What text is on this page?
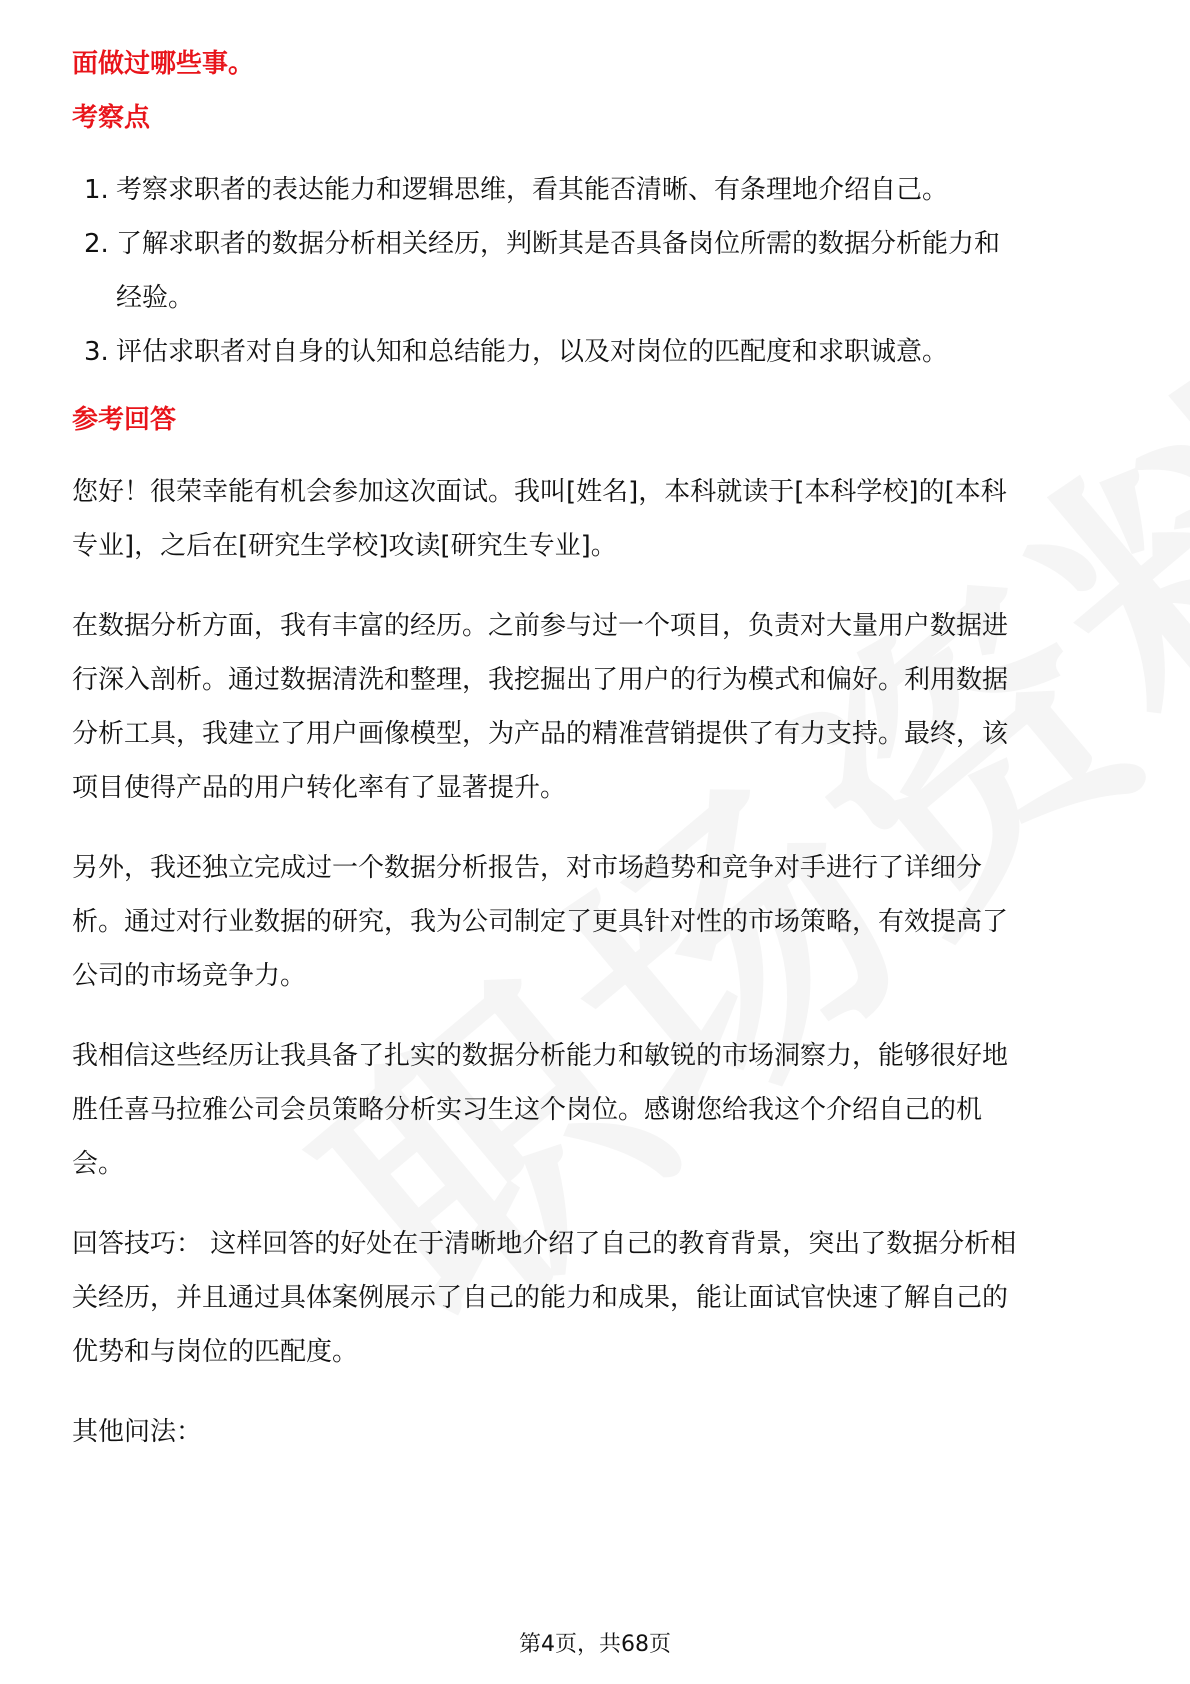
面做过哪些事。
考察点
1. 考察求职者的表达能力和逻辑思维，看其能否清晰、有条理地介绍自己。
2. 了解求职者的数据分析相关经历，判断其是否具备岗位所需的数据分析能力和
经验。
3. 评估求职者对自身的认知和总结能力，以及对岗位的匹配度和求职诚意。
参考回答
您好！很荣幸能有机会参加这次面试。我叫[姓名]，本科就读于[本科学校]的[本科
专业]，之后在[研究生学校]攻读[研究生专业]。
在数据分析方面，我有丰富的经历。之前参与过一个项目，负责对大量用户数据进
行深入剖析。通过数据清洗和整理，我挖掘出了用户的行为模式和偏好。利用数据
分析工具，我建立了用户画像模型，为产品的精准营销提供了有力支持。最终，该
项目使得产品的用户转化率有了显著提升。
另外，我还独立完成过一个数据分析报告，对市场趋势和竞争对手进行了详细分
析。通过对行业数据的研究，我为公司制定了更具针对性的市场策略，有效提高了
公司的市场竞争力。
我相信这些经历让我具备了扎实的数据分析能力和敏锐的市场洞察力，能够很好地
胜任喜马拉雅公司会员策略分析实习生这个岗位。感谢您给我这个介绍自己的机
会。
回答技巧： 这样回答的好处在于清晰地介绍了自己的教育背景，突出了数据分析相
关经历，并且通过具体案例展示了自己的能力和成果，能让面试官快速了解自己的
优势和与岗位的匹配度。
其他问法：
第4页，共68页
